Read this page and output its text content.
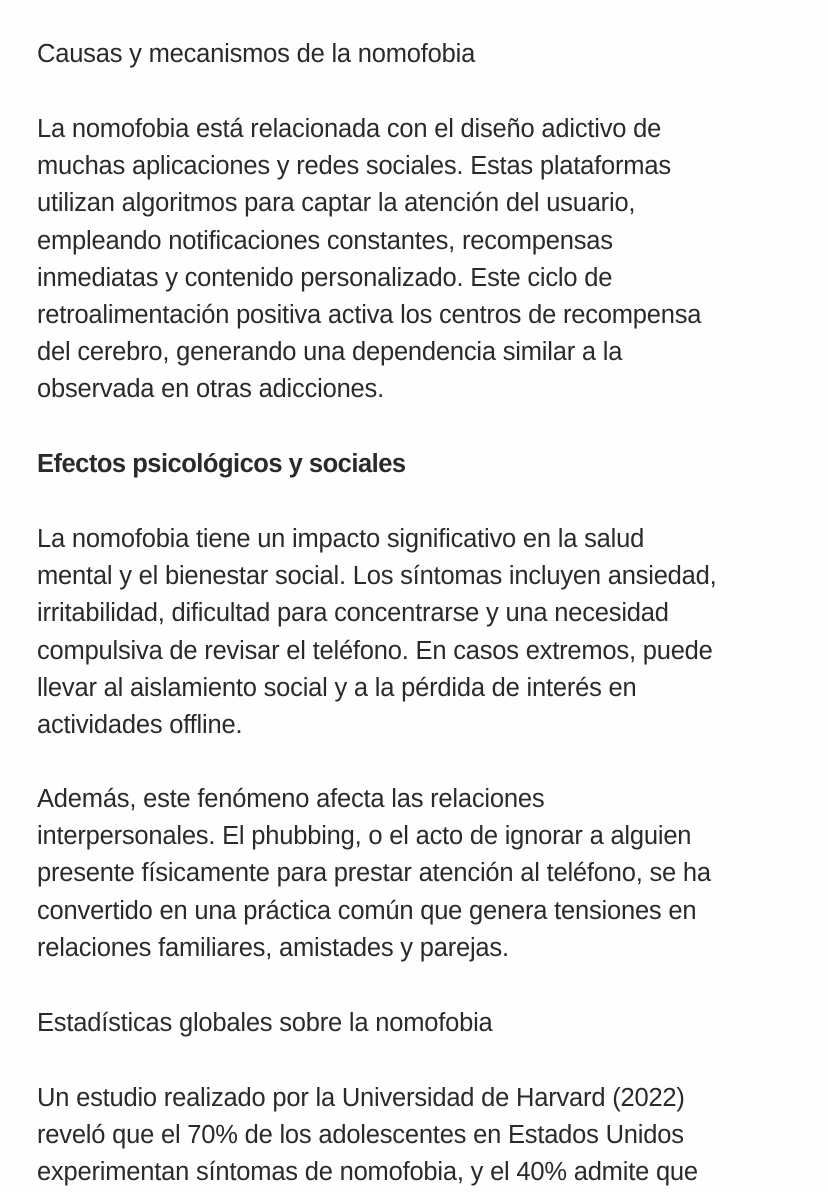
Causas y mecanismos de la nomofobia
La nomofobia está relacionada con el diseño adictivo de
muchas aplicaciones y redes sociales. Estas plataformas
utilizan algoritmos para captar la atención del usuario,
empleando notificaciones constantes, recompensas
inmediatas y contenido personalizado. Este ciclo de
retroalimentación positiva activa los centros de recompensa
del cerebro, generando una dependencia similar a la
observada en otras adicciones.
Efectos psicológicos y sociales
La nomofobia tiene un impacto significativo en la salud
mental y el bienestar social. Los síntomas incluyen ansiedad,
irritabilidad, dificultad para concentrarse y una necesidad
compulsiva de revisar el teléfono. En casos extremos, puede
llevar al aislamiento social y a la pérdida de interés en
actividades offline.
Además, este fenómeno afecta las relaciones
interpersonales. El phubbing, o el acto de ignorar a alguien
presente físicamente para prestar atención al teléfono, se ha
convertido en una práctica común que genera tensiones en
relaciones familiares, amistades y parejas.
Estadísticas globales sobre la nomofobia
Un estudio realizado por la Universidad de Harvard (2022)
reveló que el 70% de los adolescentes en Estados Unidos
experimentan síntomas de nomofobia, y el 40% admite que
